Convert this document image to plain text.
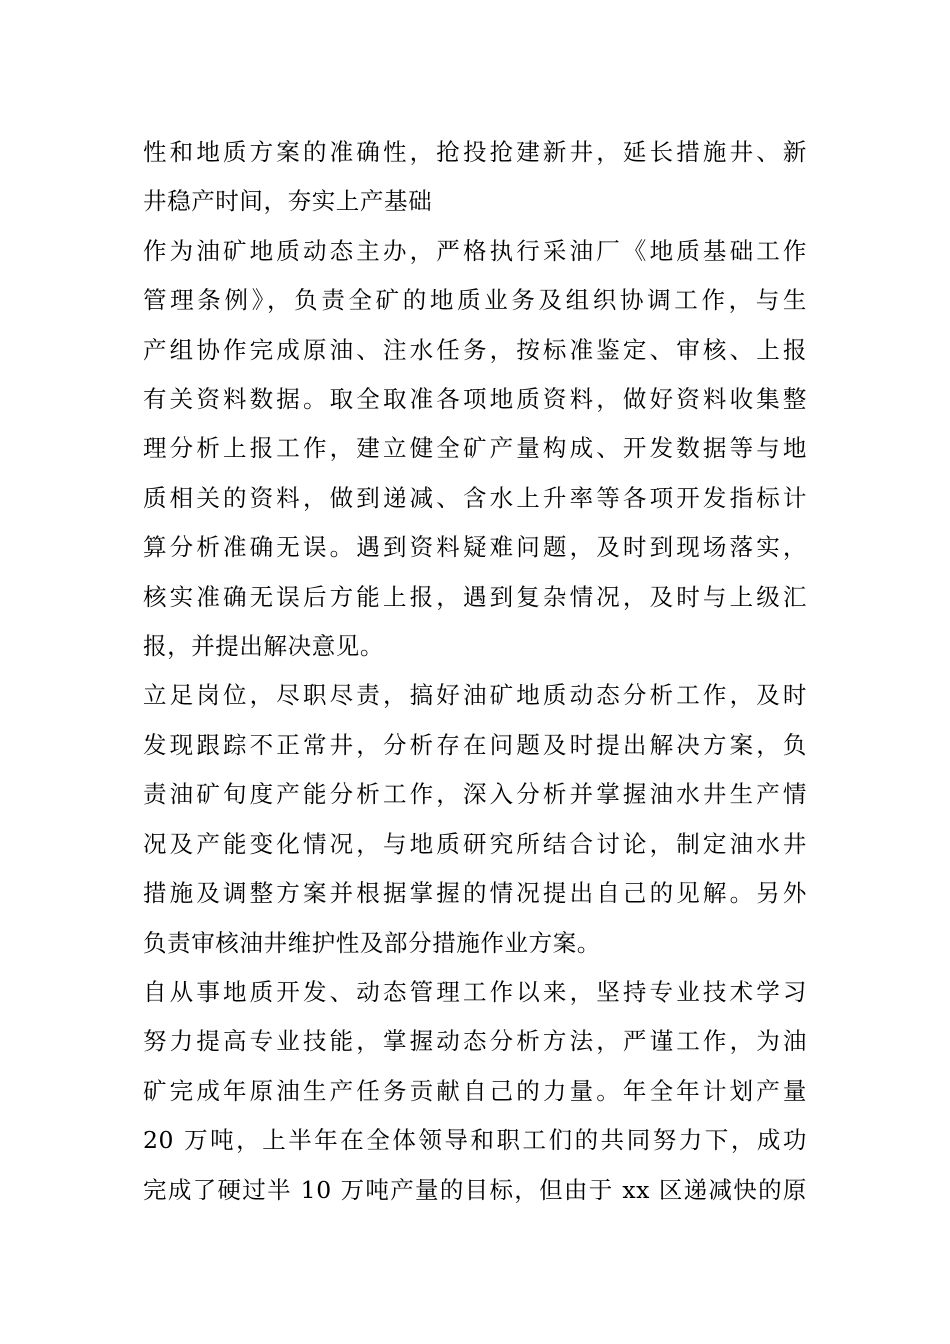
性和地质方案的准确性，抢投抢建新井，延长措施井、新
井稳产时间，夯实上产基础

作为油矿地质动态主办，严格执行采油厂《地质基础工作
管理条例》，负责全矿的地质业务及组织协调工作，与生
产组协作完成原油、注水任务，按标准鉴定、审核、上报
有关资料数据。取全取准各项地质资料，做好资料收集整
理分析上报工作，建立健全矿产量构成、开发数据等与地
质相关的资料，做到递减、含水上升率等各项开发指标计
算分析准确无误。遇到资料疑难问题，及时到现场落实，
核实准确无误后方能上报，遇到复杂情况，及时与上级汇
报，并提出解决意见。

立足岗位，尽职尽责，搞好油矿地质动态分析工作，及时
发现跟踪不正常井，分析存在问题及时提出解决方案，负
责油矿旬度产能分析工作，深入分析并掌握油水井生产情
况及产能变化情况，与地质研究所结合讨论，制定油水井
措施及调整方案并根据掌握的情况提出自己的见解。另外
负责审核油井维护性及部分措施作业方案。

自从事地质开发、动态管理工作以来，坚持专业技术学习
努力提高专业技能，掌握动态分析方法，严谨工作，为油
矿完成年原油生产任务贡献自己的力量。年全年计划产量
20 万吨，上半年在全体领导和职工们的共同努力下，成功
完成了硬过半 10 万吨产量的目标，但由于 xx 区递减快的原
